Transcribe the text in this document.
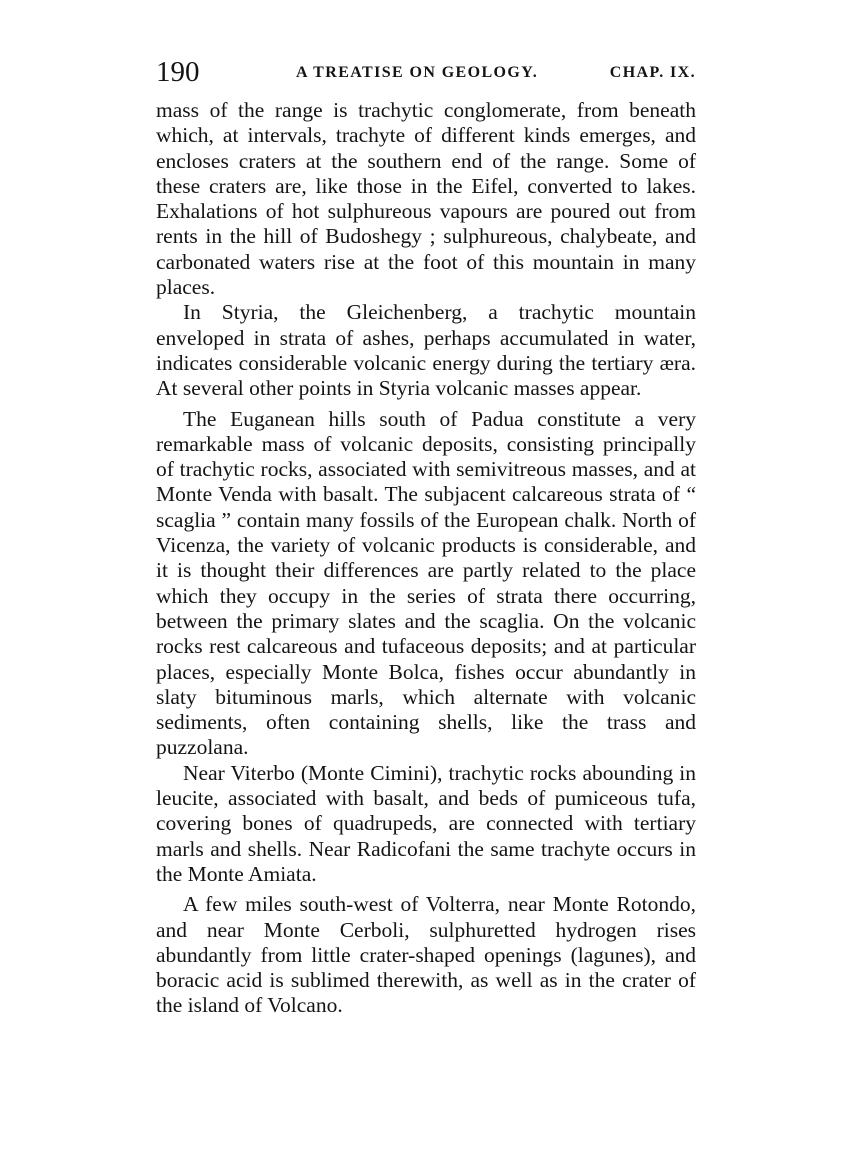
190	A TREATISE ON GEOLOGY.	CHAP. IX.

mass of the range is trachytic conglomerate, from beneath which, at intervals, trachyte of different kinds emerges, and encloses craters at the southern end of the range. Some of these craters are, like those in the Eifel, converted to lakes. Exhalations of hot sulphureous vapours are poured out from rents in the hill of Budoshegy ; sulphureous, chalybeate, and carbonated waters rise at the foot of this mountain in many places.

In Styria, the Gleichenberg, a trachytic mountain enveloped in strata of ashes, perhaps accumulated in water, indicates considerable volcanic energy during the tertiary æra. At several other points in Styria volcanic masses appear.

The Euganean hills south of Padua constitute a very remarkable mass of volcanic deposits, consisting principally of trachytic rocks, associated with semivitreous masses, and at Monte Venda with basalt. The subjacent calcareous strata of “ scaglia ” contain many fossils of the European chalk. North of Vicenza, the variety of volcanic products is considerable, and it is thought their differences are partly related to the place which they occupy in the series of strata there occurring, between the primary slates and the scaglia. On the volcanic rocks rest calcareous and tufaceous deposits; and at particular places, especially Monte Bolca, fishes occur abundantly in slaty bituminous marls, which alternate with volcanic sediments, often containing shells, like the trass and puzzolana.

Near Viterbo (Monte Cimini), trachytic rocks abounding in leucite, associated with basalt, and beds of pumiceous tufa, covering bones of quadrupeds, are connected with tertiary marls and shells. Near Radicofani the same trachyte occurs in the Monte Amiata.

A few miles south-west of Volterra, near Monte Rotondo, and near Monte Cerboli, sulphuretted hydrogen rises abundantly from little crater-shaped openings (lagunes), and boracic acid is sublimed therewith, as well as in the crater of the island of Volcano.
